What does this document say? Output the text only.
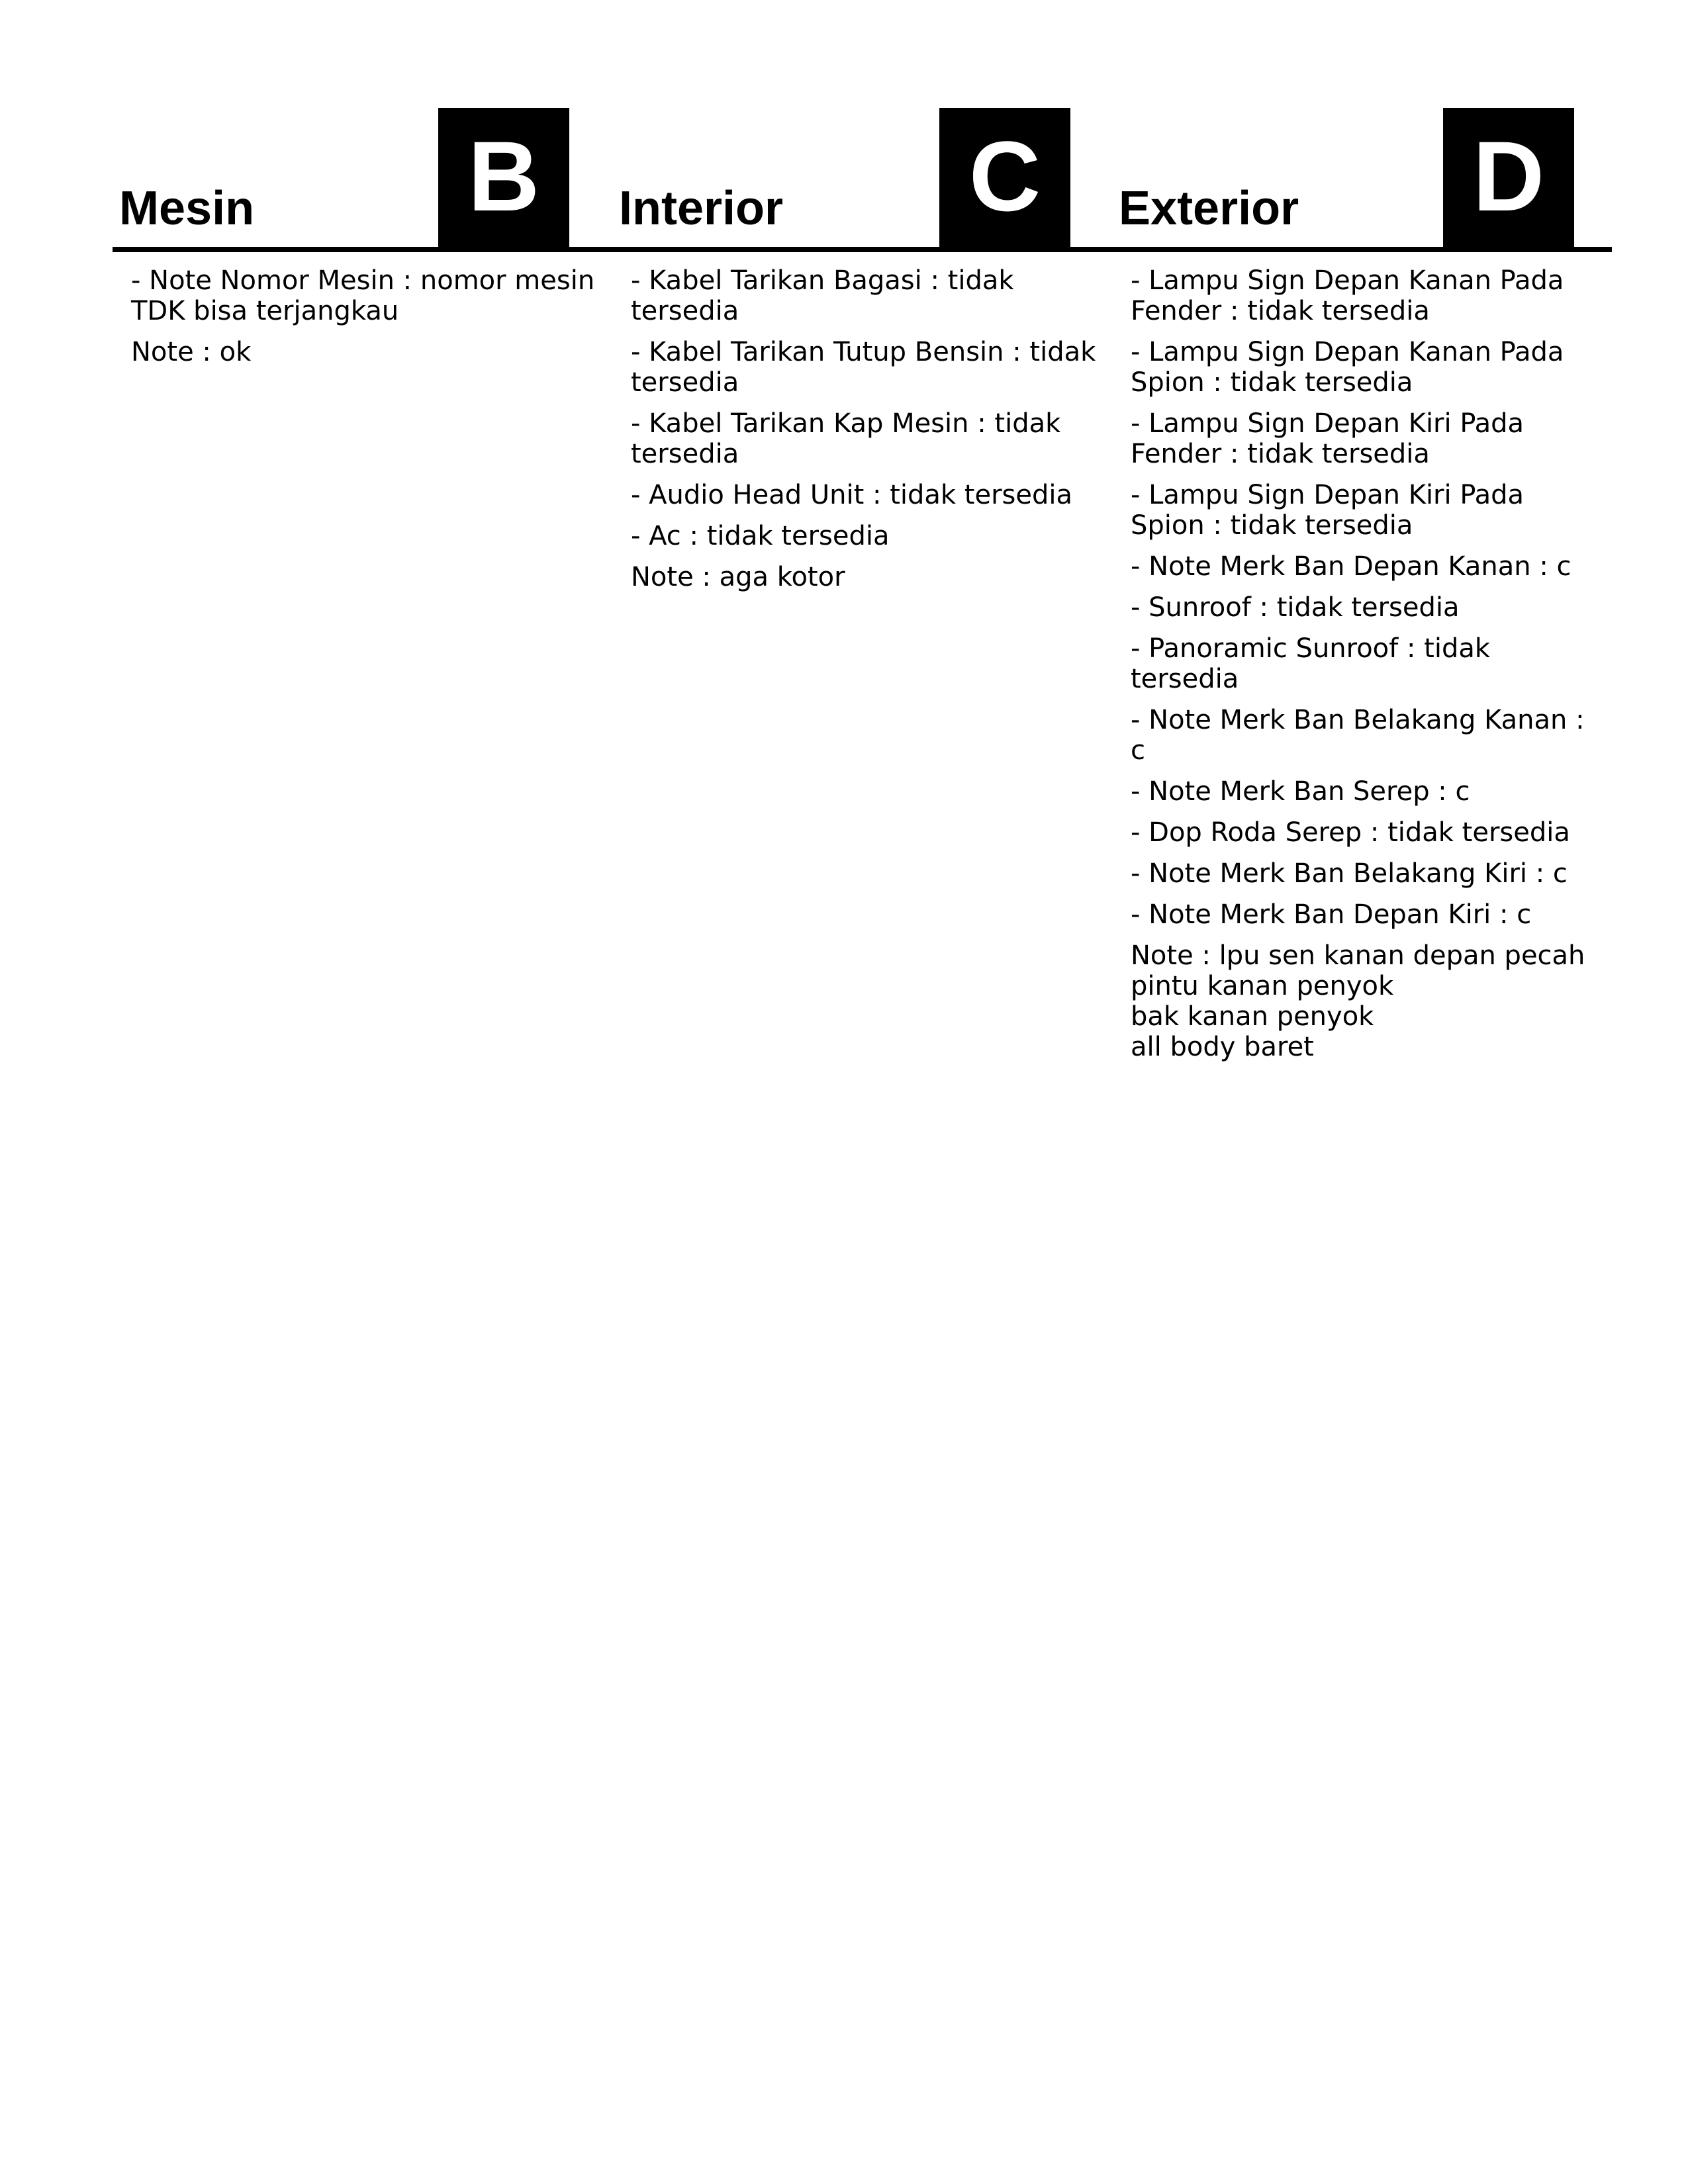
Mesin B

- Note Nomor Mesin : nomor mesin TDK bisa terjangkau

Note : ok

Interior C

- Kabel Tarikan Bagasi : tidak tersedia

- Kabel Tarikan Tutup Bensin : tidak tersedia

- Kabel Tarikan Kap Mesin : tidak tersedia

- Audio Head Unit : tidak tersedia

- Ac : tidak tersedia

Note : aga kotor

Exterior D

- Lampu Sign Depan Kanan Pada Fender : tidak tersedia

- Lampu Sign Depan Kanan Pada Spion : tidak tersedia

- Lampu Sign Depan Kiri Pada Fender : tidak tersedia

- Lampu Sign Depan Kiri Pada Spion : tidak tersedia

- Note Merk Ban Depan Kanan : c

- Sunroof : tidak tersedia

- Panoramic Sunroof : tidak tersedia

- Note Merk Ban Belakang Kanan : c

- Note Merk Ban Serep : c

- Dop Roda Serep : tidak tersedia

- Note Merk Ban Belakang Kiri : c

- Note Merk Ban Depan Kiri : c

Note : lpu sen kanan depan pecah
pintu kanan penyok
bak kanan penyok
all body baret
